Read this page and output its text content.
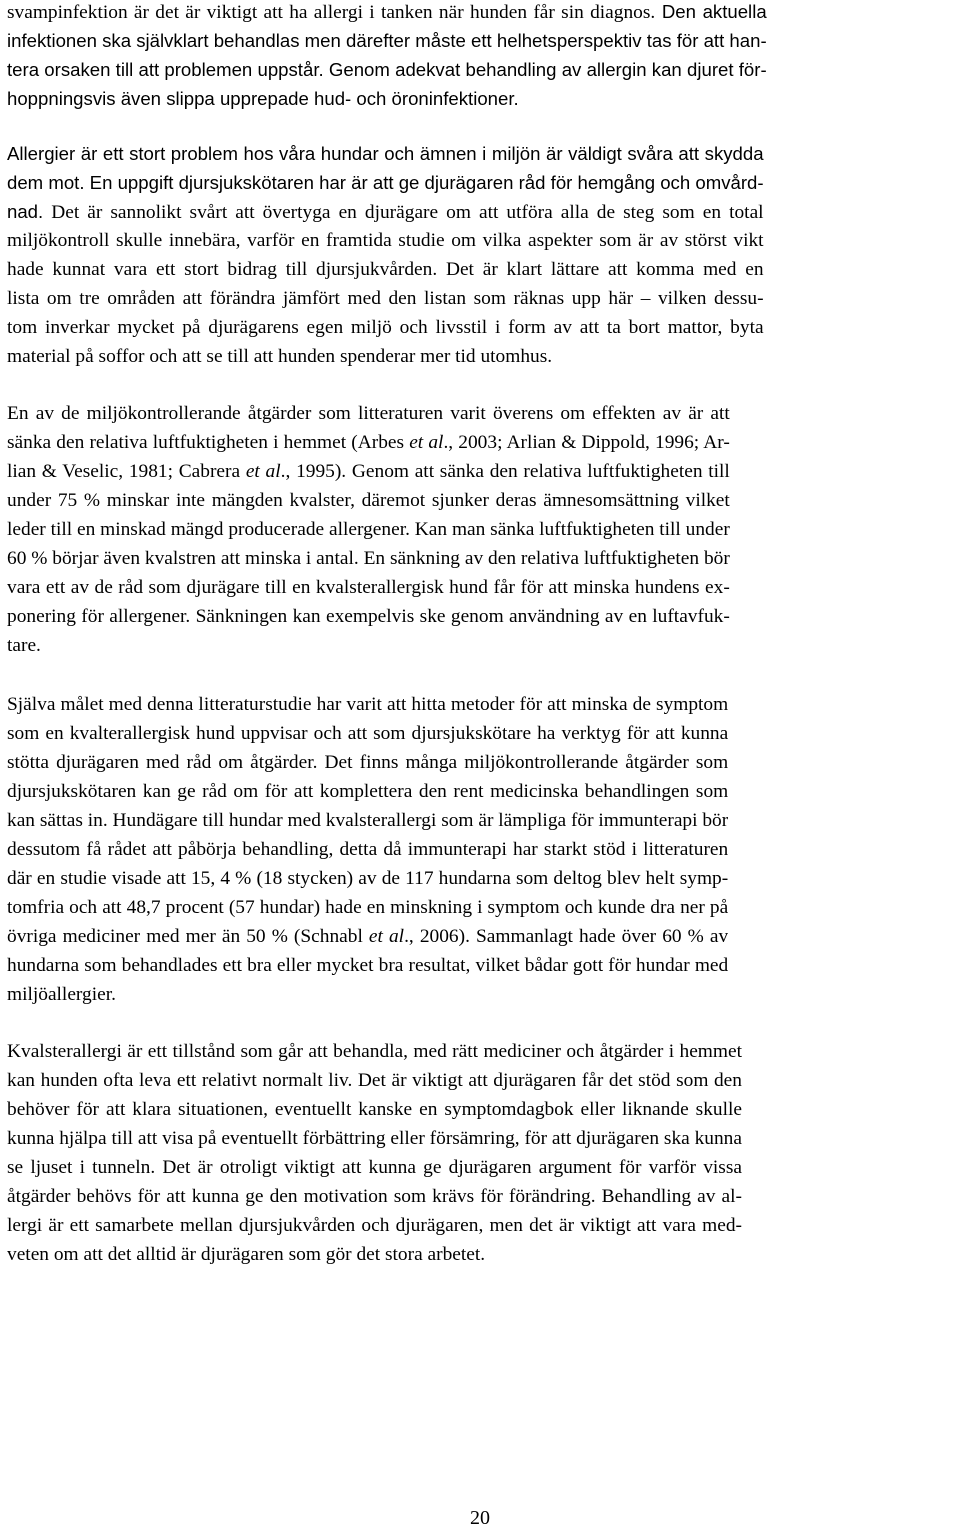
svampinfektion är det är viktigt att ha allergi i tanken när hunden får sin diagnos. Den aktuella
infektionen ska självklart behandlas men därefter måste ett helhetsperspektiv tas för att han-
tera orsaken till att problemen uppstår. Genom adekvat behandling av allergin kan djuret för-
hoppningsvis även slippa upprepade hud- och öroninfektioner.
Allergier är ett stort problem hos våra hundar och ämnen i miljön är väldigt svåra att skydda
dem mot. En uppgift djursjukskötaren har är att ge djurägaren råd för hemgång och omvård-
nad. Det är sannolikt svårt att övertyga en djurägare om att utföra alla de steg som en total
miljökontroll skulle innebära, varför en framtida studie om vilka aspekter som är av störst vikt
hade kunnat vara ett stort bidrag till djursjukvården. Det är klart lättare att komma med en
lista om tre områden att förändra jämfört med den listan som räknas upp här – vilken dessu-
tom inverkar mycket på djurägarens egen miljö och livsstil i form av att ta bort mattor, byta
material på soffor och att se till att hunden spenderar mer tid utomhus.
En av de miljökontrollerande åtgärder som litteraturen varit överens om effekten av är att
sänka den relativa luftfuktigheten i hemmet (Arbes et al., 2003; Arlian & Dippold, 1996; Ar-
lian & Veselic, 1981; Cabrera et al., 1995). Genom att sänka den relativa luftfuktigheten till
under 75 % minskar inte mängden kvalster, däremot sjunker deras ämnesomsättning vilket
leder till en minskad mängd producerade allergener. Kan man sänka luftfuktigheten till under
60 % börjar även kvalstren att minska i antal. En sänkning av den relativa luftfuktigheten bör
vara ett av de råd som djurägare till en kvalsterallergisk hund får för att minska hundens ex-
ponering för allergener. Sänkningen kan exempelvis ske genom användning av en luftavfuk-
tare.
Själva målet med denna litteraturstudie har varit att hitta metoder för att minska de symptom
som en kvalterallergisk hund uppvisar och att som djursjukskötare ha verktyg för att kunna
stötta djurägaren med råd om åtgärder. Det finns många miljökontrollerande åtgärder som
djursjukskötaren kan ge råd om för att komplettera den rent medicinska behandlingen som
kan sättas in. Hundägare till hundar med kvalsterallergi som är lämpliga för immunterapi bör
dessutom få rådet att påbörja behandling, detta då immunterapi har starkt stöd i litteraturen
där en studie visade att 15, 4 % (18 stycken) av de 117 hundarna som deltog blev helt symp-
tomfria och att 48,7 procent (57 hundar) hade en minskning i symptom och kunde dra ner på
övriga mediciner med mer än 50 % (Schnabl et al., 2006). Sammanlagt hade över 60 % av
hundarna som behandlades ett bra eller mycket bra resultat, vilket bådar gott för hundar med
miljöallergier.
Kvalsterallergi är ett tillstånd som går att behandla, med rätt mediciner och åtgärder i hemmet
kan hunden ofta leva ett relativt normalt liv. Det är viktigt att djurägaren får det stöd som den
behöver för att klara situationen, eventuellt kanske en symptomdagbok eller liknande skulle
kunna hjälpa till att visa på eventuellt förbättring eller försämring, för att djurägaren ska kunna
se ljuset i tunneln. Det är otroligt viktigt att kunna ge djurägaren argument för varför vissa
åtgärder behövs för att kunna ge den motivation som krävs för förändring. Behandling av al-
lergi är ett samarbete mellan djursjukvården och djurägaren, men det är viktigt att vara med-
veten om att det alltid är djurägaren som gör det stora arbetet.
20
